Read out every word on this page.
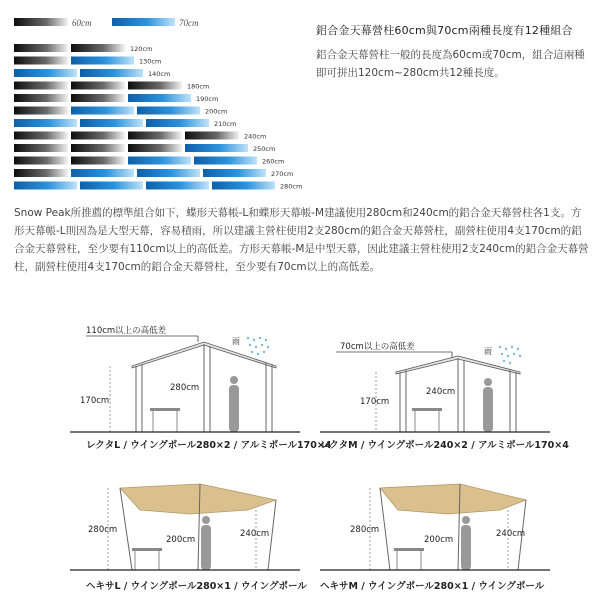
60cm	70cm
120cm
130cm
140cm
180cm
190cm
200cm
210cm
240cm
250cm
260cm
270cm
280cm
鋁合金天幕營柱60cm與70cm兩種長度有12種組合
鋁合金天幕營柱一般的長度為60cm或70cm，組合這兩種即可拼出120cm~280cm共12種長度。
Snow Peak所推薦的標準組合如下，蝶形天幕帳-L和蝶形天幕帳-M建議使用280cm和240cm的鋁合金天幕營柱各1支。方形天幕帳-L則因為是大型天幕，容易積雨，所以建議主營柱使用2支280cm的鋁合金天幕營柱，副營柱使用4支170cm的鋁合金天幕營柱，至少要有110cm以上的高低差。方形天幕帳-M是中型天幕，因此建議主營柱使用2支240cm的鋁合金天幕營柱，副營柱使用4支170cm的鋁合金天幕營柱，至少要有70cm以上的高低差。
110cm以上の高低差
170cm
280cm
雨
レクタL / ウイングポール280×2 / アルミポール170×4
70cm以上の高低差
170cm
240cm
雨
レクタM / ウイングポール240×2 / アルミポール170×4
280cm
200cm
240cm
ヘキサL / ウイングポール280×1 / ウイングポール
280cm
200cm
240cm
ヘキサM / ウイングポール280×1 / ウイングポール
